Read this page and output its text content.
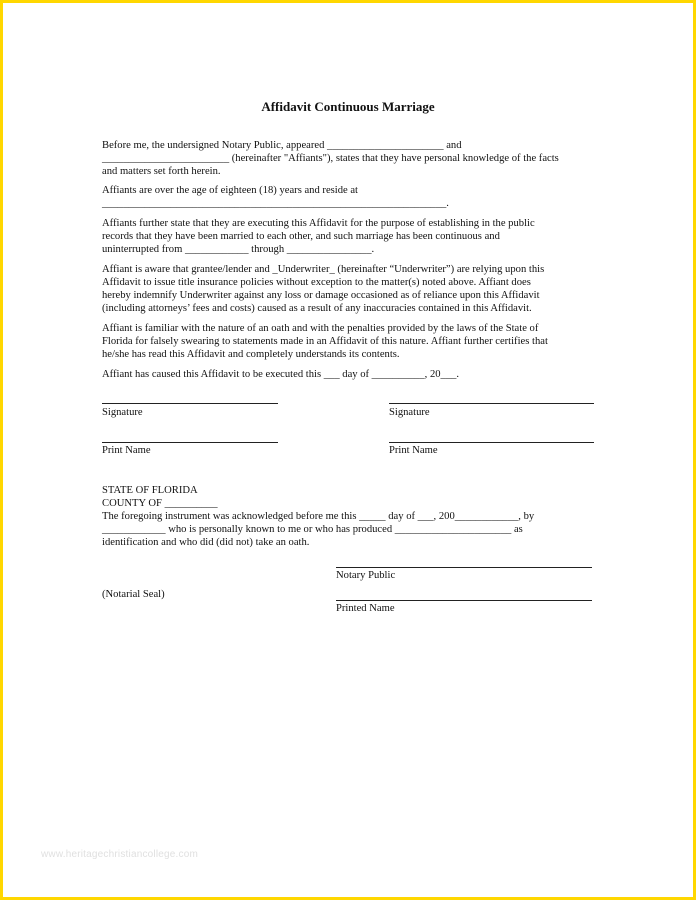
Affidavit Continuous Marriage
Before me, the undersigned Notary Public, appeared ______________________ and
________________________ (hereinafter "Affiants"), states that they have personal knowledge of the facts
and matters set forth herein.
Affiants are over the age of eighteen (18) years and reside at
_________________________________________________________________.
Affiants further state that they are executing this Affidavit for the purpose of establishing in the public
records that they have been married to each other, and such marriage has been continuous and
uninterrupted from ____________ through ________________.
Affiant is aware that grantee/lender and _Underwriter_ (hereinafter “Underwriter”) are relying upon this
Affidavit to issue title insurance policies without exception to the matter(s) noted above. Affiant does
hereby indemnify Underwriter against any loss or damage occasioned as of reliance upon this Affidavit
(including attorneys’ fees and costs) caused as a result of any inaccuracies contained in this Affidavit.
Affiant is familiar with the nature of an oath and with the penalties provided by the laws of the State of
Florida for falsely swearing to statements made in an Affidavit of this nature. Affiant further certifies that
he/she has read this Affidavit and completely understands its contents.
Affiant has caused this Affidavit to be executed this ___ day of __________, 20___.
Signature	Signature
Print Name	Print Name
STATE OF FLORIDA
COUNTY OF __________
The foregoing instrument was acknowledged before me this _____ day of ___, 200____________, by
____________ who is personally known to me or who has produced ______________________ as
identification and who did (did not) take an oath.
Notary Public
(Notarial Seal)
Printed Name
www.heritagechristiancollege.com
